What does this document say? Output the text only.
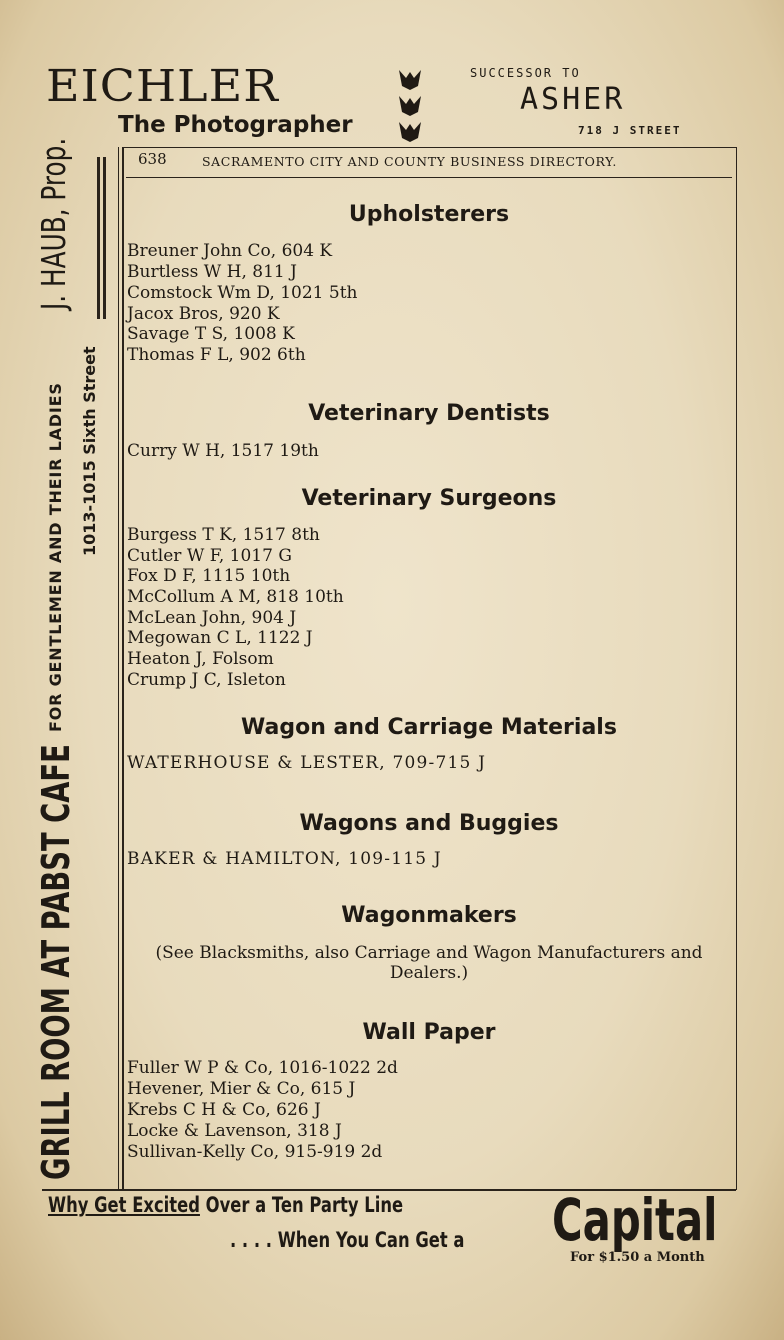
EICHLER
The Photographer
SUCCESSOR TO
ASHER
718 J STREET
638	SACRAMENTO CITY AND COUNTY BUSINESS DIRECTORY.
GRILL ROOM AT PABST CAFE
FOR GENTLEMEN AND THEIR LADIES 1013-1015 Sixth Street
J. HAUB, Prop.	Upholsterers
Breuner John Co, 604 K
Burtless W H, 811 J
Comstock Wm D, 1021 5th
Jacox Bros, 920 K
Savage T S, 1008 K
Thomas F L, 902 6th
Veterinary Dentists
Curry W H, 1517 19th
Veterinary Surgeons
Burgess T K, 1517 8th
Cutler W F, 1017 G
Fox D F, 1115 10th
McCollum A M, 818 10th
McLean John, 904 J
Megowan C L, 1122 J
Heaton J, Folsom
Crump J C, Isleton
Wagon and Carriage Materials
WATERHOUSE & LESTER, 709-715 J
Wagons and Buggies
BAKER & HAMILTON, 109-115 J
Wagonmakers
(See Blacksmiths, also Carriage and Wagon Manufacturers and
Dealers.)
Wall Paper
Fuller W P & Co, 1016-1022 2d
Hevener, Mier & Co, 615 J
Krebs C H & Co, 626 J
Locke & Lavenson, 318 J
Sullivan-Kelly Co, 915-919 2d
Why Get Excited Over a Ten Party Line
. . . . When You Can Get a Capital
For $1.50 a Month
